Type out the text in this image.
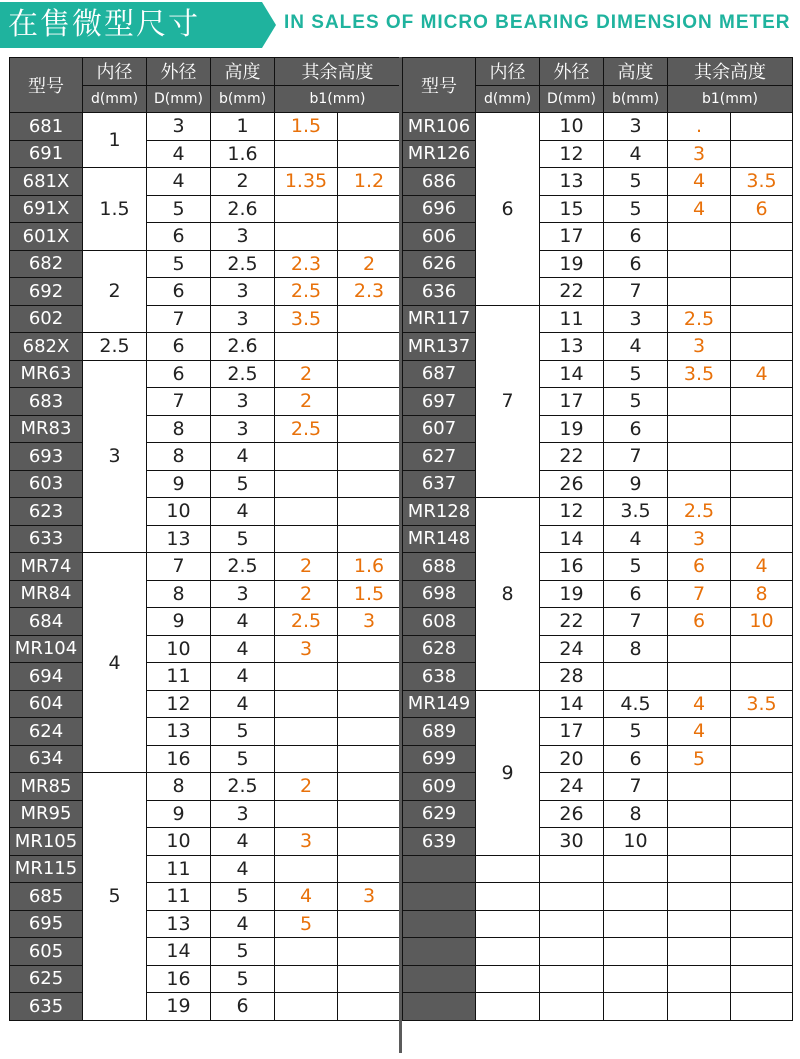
在售微型尺寸	IN SALES OF MICRO BEARING DIMENSION METER
型号	内径	外径	高度	其余高度	
	d(mm)	D(mm)	b(mm)	b1(mm)	
681	1	3	1	1.5	
691		4	1.6		
681X	1.5	4	2	1.35	1.2
691X		5	2.6		
601X		6	3		
682	2	5	2.5	2.3	2
692		6	3	2.5	2.3
602		7	3	3.5	
682X	2.5	6	2.6		
MR63	3	6	2.5	2	
683		7	3	2	
MR83		8	3	2.5	
693		8	4		
603		9	5		
623		10	4		
633		13	5		
MR74	4	7	2.5	2	1.6
MR84		8	3	2	1.5
684		9	4	2.5	3
MR104		10	4	3	
694		11	4		
604		12	4		
624		13	5		
634		16	5		
MR85	5	8	2.5	2	
MR95		9	3		
MR105		10	4	3	
MR115		11	4		
685		11	5	4	3
695		13	4	5	
605		14	5		
625		16	5		
635		19	6		
型号	内径	外径	高度	其余高度	
	d(mm)	D(mm)	b(mm)	b1(mm)	
MR106	6	10	3	.	
MR126		12	4	3	
686		13	5	4	3.5
696		15	5	4	6
606		17	6		
626		19	6		
636		22	7		
MR117	7	11	3	2.5	
MR137		13	4	3	
687		14	5	3.5	4
697		17	5		
607		19	6		
627		22	7		
637		26	9		
MR128	8	12	3.5	2.5	
MR148		14	4	3	
688		16	5	6	4
698		19	6	7	8
608		22	7	6	10
628		24	8		
638		28			
MR149	9	14	4.5	4	3.5
689		17	5	4	
699		20	6	5	
609		24	7		
629		26	8		
639		30	10		
